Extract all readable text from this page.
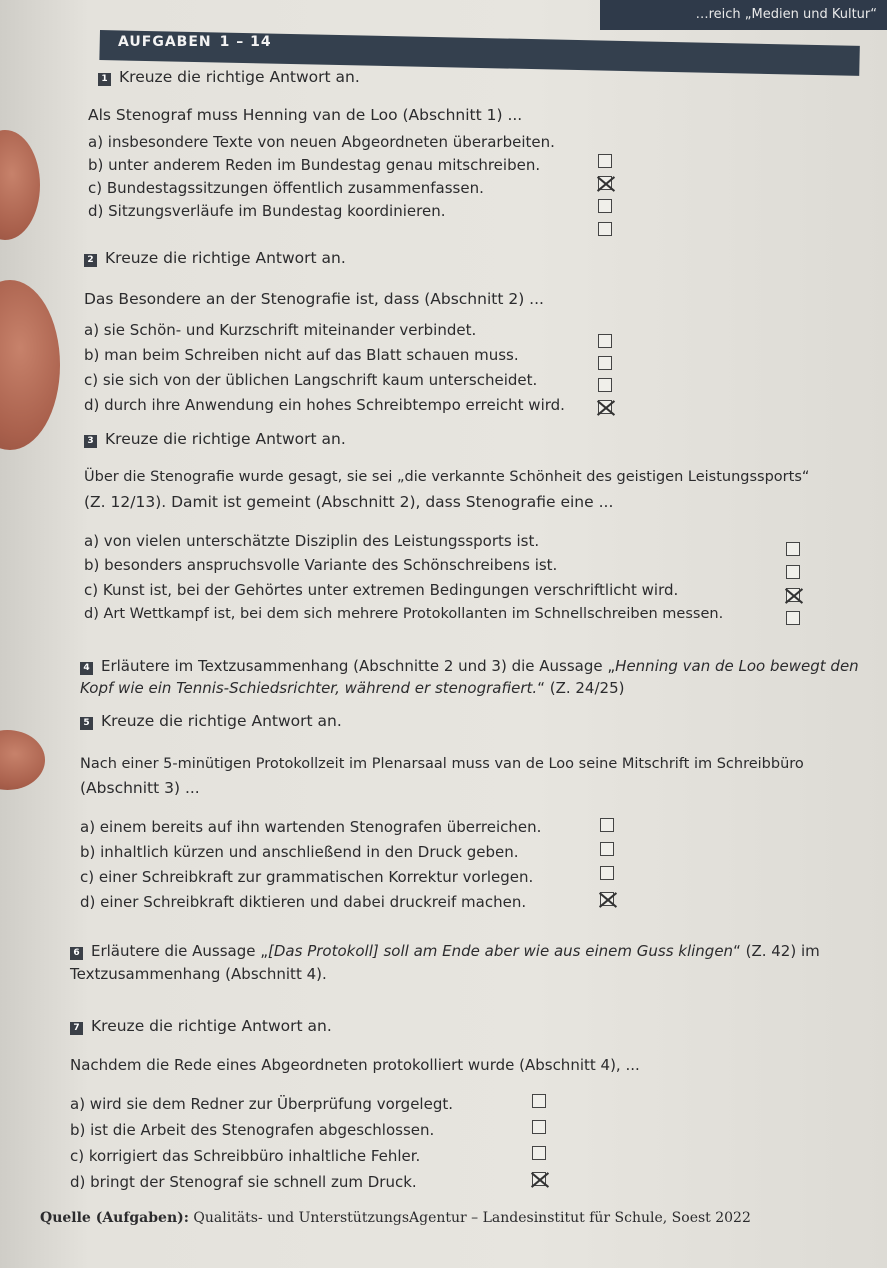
…reich „Medien und Kultur“
AUFGABEN 1 – 14
1 Kreuze die richtige Antwort an.
Als Stenograf muss Henning van de Loo (Abschnitt 1) ...
a) insbesondere Texte von neuen Abgeordneten überarbeiten.
b) unter anderem Reden im Bundestag genau mitschreiben.
c) Bundestagssitzungen öffentlich zusammenfassen.
d) Sitzungsverläufe im Bundestag koordinieren.
2 Kreuze die richtige Antwort an.
Das Besondere an der Stenografie ist, dass (Abschnitt 2) ...
a) sie Schön- und Kurzschrift miteinander verbindet.
b) man beim Schreiben nicht auf das Blatt schauen muss.
c) sie sich von der üblichen Langschrift kaum unterscheidet.
d) durch ihre Anwendung ein hohes Schreibtempo erreicht wird.
3 Kreuze die richtige Antwort an.
Über die Stenografie wurde gesagt, sie sei „die verkannte Schönheit des geistigen Leistungssports“
(Z. 12/13). Damit ist gemeint (Abschnitt 2), dass Stenografie eine ...
a) von vielen unterschätzte Disziplin des Leistungssports ist.
b) besonders anspruchsvolle Variante des Schönschreibens ist.
c) Kunst ist, bei der Gehörtes unter extremen Bedingungen verschriftlicht wird.
d) Art Wettkampf ist, bei dem sich mehrere Protokollanten im Schnellschreiben messen.
4 Erläutere im Textzusammenhang (Abschnitte 2 und 3) die Aussage „Henning van de Loo bewegt den
Kopf wie ein Tennis-Schiedsrichter, während er stenografiert.“ (Z. 24/25)
5 Kreuze die richtige Antwort an.
Nach einer 5-minütigen Protokollzeit im Plenarsaal muss van de Loo seine Mitschrift im Schreibbüro
(Abschnitt 3) ...
a) einem bereits auf ihn wartenden Stenografen überreichen.
b) inhaltlich kürzen und anschließend in den Druck geben.
c) einer Schreibkraft zur grammatischen Korrektur vorlegen.
d) einer Schreibkraft diktieren und dabei druckreif machen.
6 Erläutere die Aussage „[Das Protokoll] soll am Ende aber wie aus einem Guss klingen“ (Z. 42) im
Textzusammenhang (Abschnitt 4).
7 Kreuze die richtige Antwort an.
Nachdem die Rede eines Abgeordneten protokolliert wurde (Abschnitt 4), ...
a) wird sie dem Redner zur Überprüfung vorgelegt.
b) ist die Arbeit des Stenografen abgeschlossen.
c) korrigiert das Schreibbüro inhaltliche Fehler.
d) bringt der Stenograf sie schnell zum Druck.
Quelle (Aufgaben): Qualitäts- und UnterstützungsAgentur – Landesinstitut für Schule, Soest 2022
